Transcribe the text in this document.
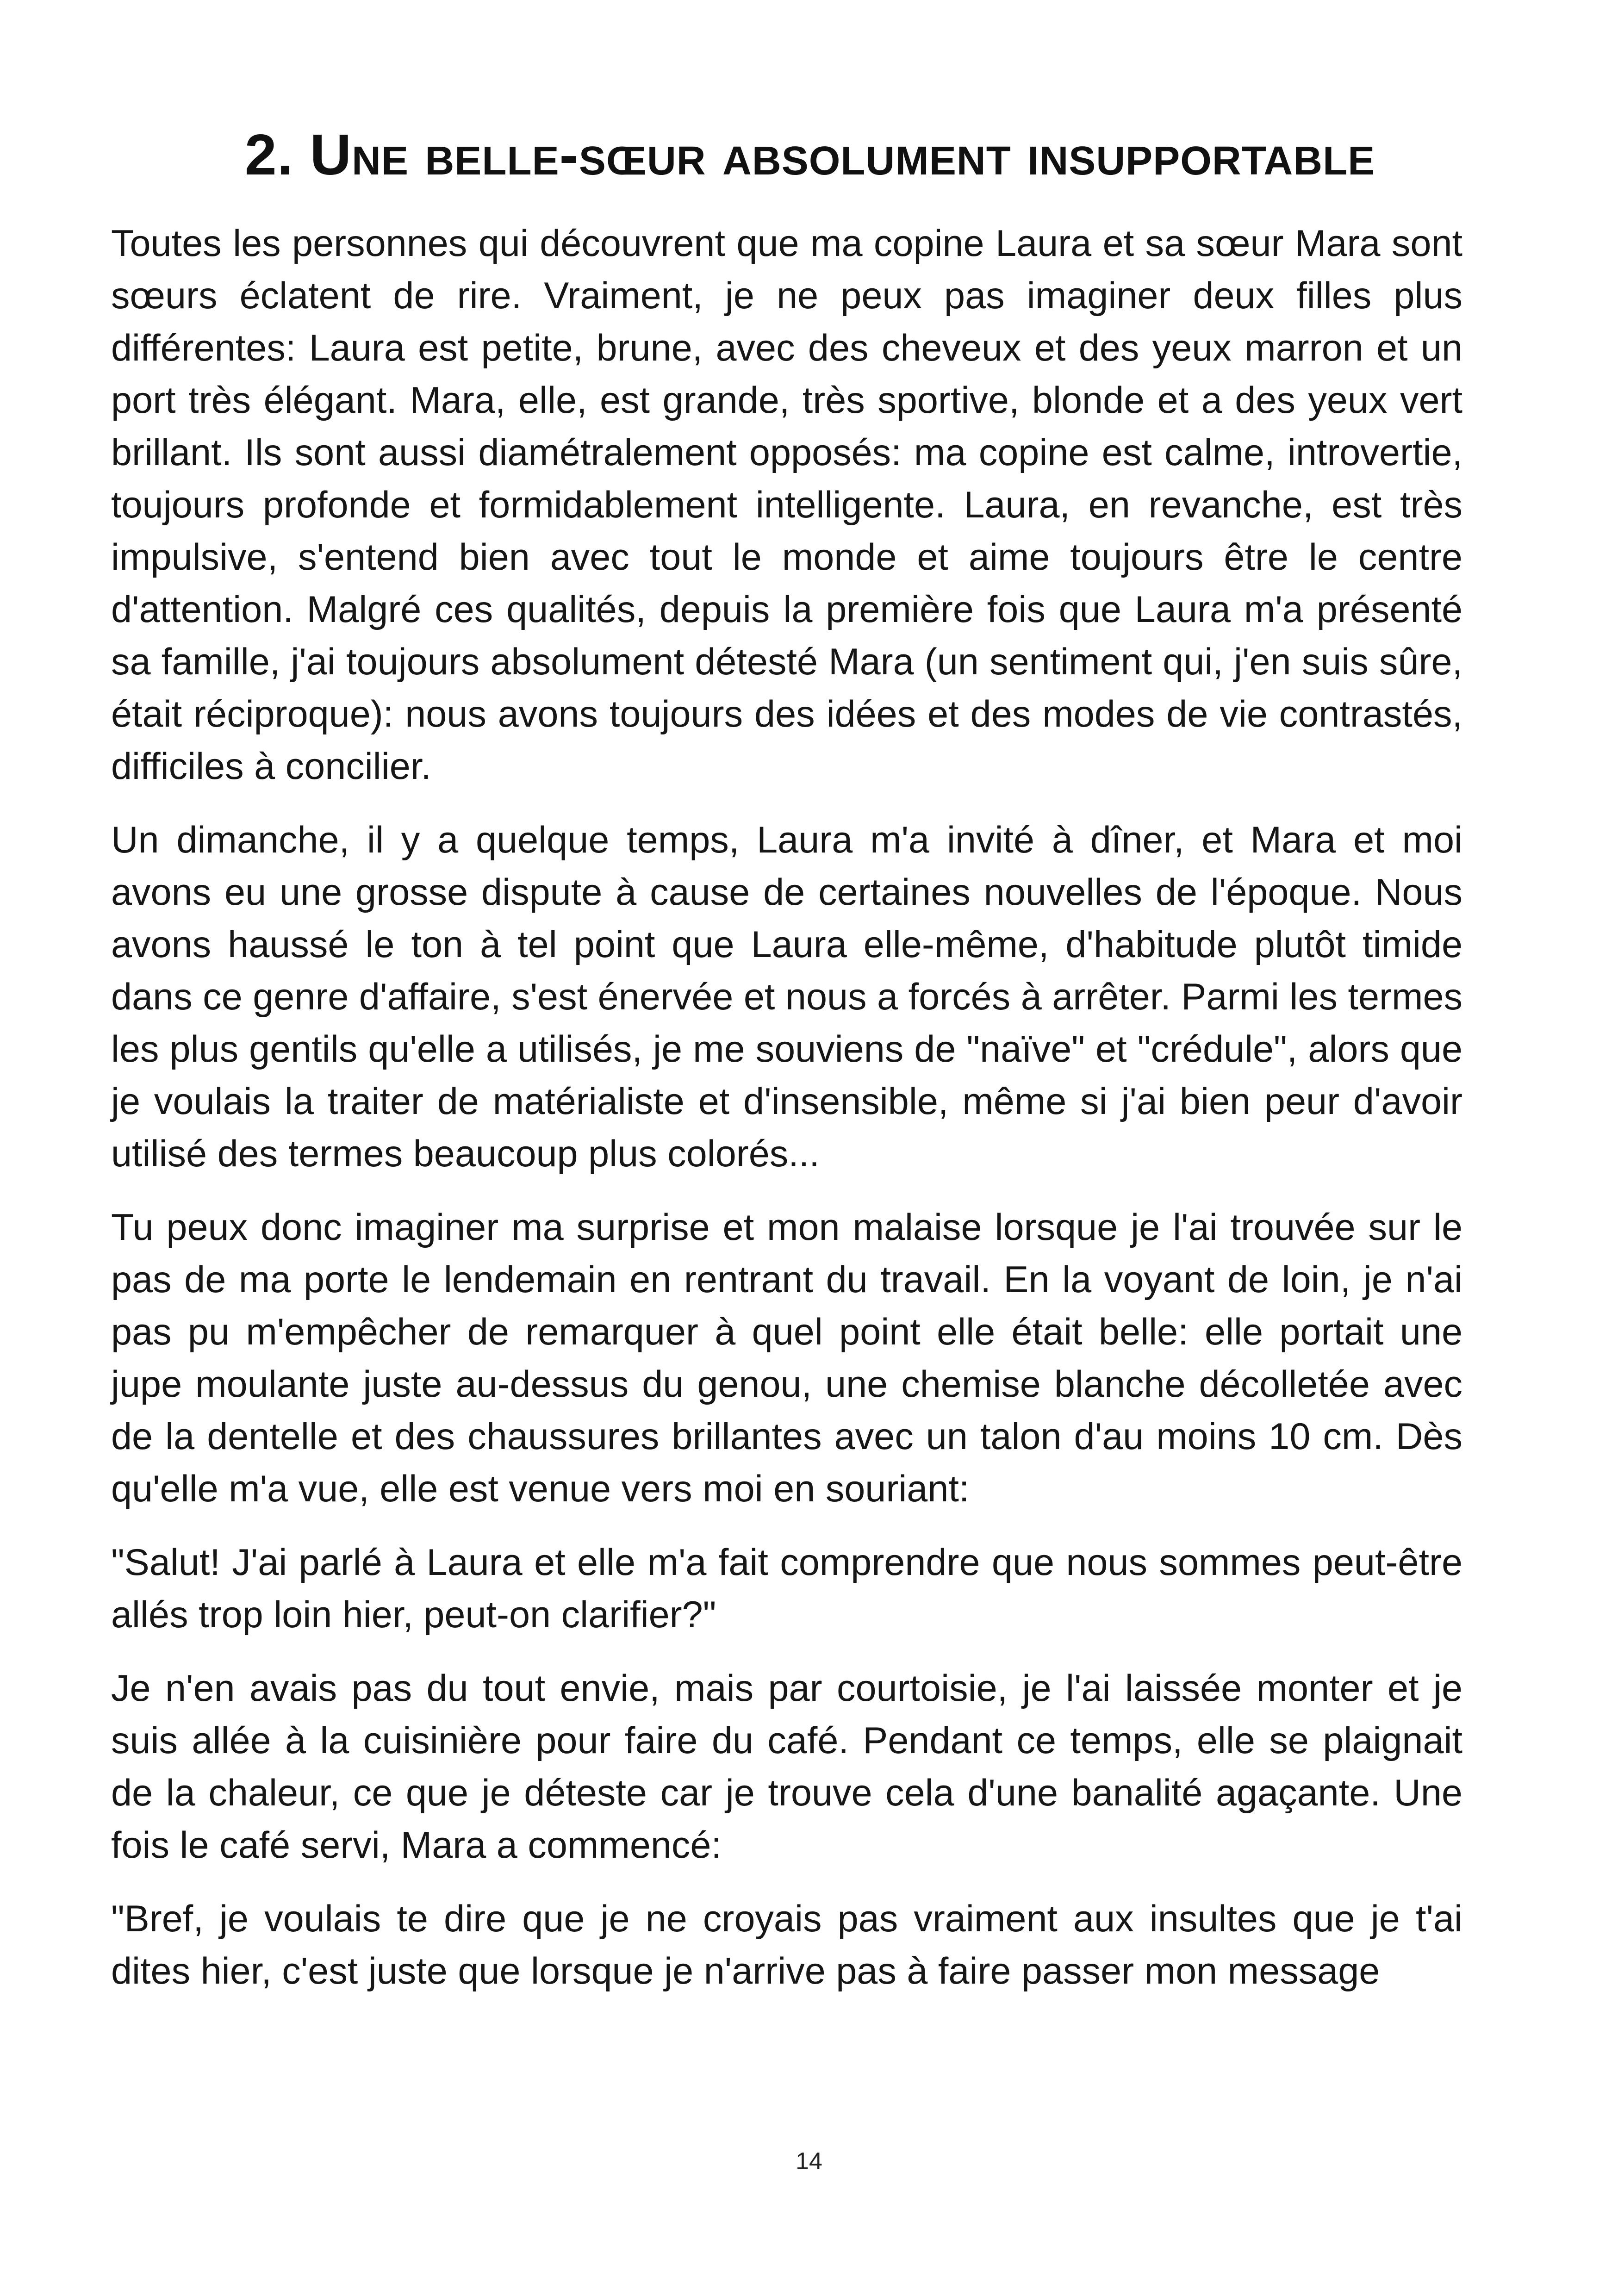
2. Une belle-sœur absolument insupportable

Toutes les personnes qui découvrent que ma copine Laura et sa sœur Mara sont sœurs éclatent de rire. Vraiment, je ne peux pas imaginer deux filles plus différentes: Laura est petite, brune, avec des cheveux et des yeux marron et un port très élégant. Mara, elle, est grande, très sportive, blonde et a des yeux vert brillant. Ils sont aussi diamétralement opposés: ma copine est calme, introvertie, toujours profonde et formidablement intelligente. Laura, en revanche, est très impulsive, s'entend bien avec tout le monde et aime toujours être le centre d'attention. Malgré ces qualités, depuis la première fois que Laura m'a présenté sa famille, j'ai toujours absolument détesté Mara (un sentiment qui, j'en suis sûre, était réciproque): nous avons toujours des idées et des modes de vie contrastés, difficiles à concilier.

Un dimanche, il y a quelque temps, Laura m'a invité à dîner, et Mara et moi avons eu une grosse dispute à cause de certaines nouvelles de l'époque. Nous avons haussé le ton à tel point que Laura elle-même, d'habitude plutôt timide dans ce genre d'affaire, s'est énervée et nous a forcés à arrêter. Parmi les termes les plus gentils qu'elle a utilisés, je me souviens de "naïve" et "crédule", alors que je voulais la traiter de matérialiste et d'insensible, même si j'ai bien peur d'avoir utilisé des termes beaucoup plus colorés...

Tu peux donc imaginer ma surprise et mon malaise lorsque je l'ai trouvée sur le pas de ma porte le lendemain en rentrant du travail. En la voyant de loin, je n'ai pas pu m'empêcher de remarquer à quel point elle était belle: elle portait une jupe moulante juste au-dessus du genou, une chemise blanche décolletée avec de la dentelle et des chaussures brillantes avec un talon d'au moins 10 cm. Dès qu'elle m'a vue, elle est venue vers moi en souriant:

"Salut! J'ai parlé à Laura et elle m'a fait comprendre que nous sommes peut-être allés trop loin hier, peut-on clarifier?"

Je n'en avais pas du tout envie, mais par courtoisie, je l'ai laissée monter et je suis allée à la cuisinière pour faire du café. Pendant ce temps, elle se plaignait de la chaleur, ce que je déteste car je trouve cela d'une banalité agaçante. Une fois le café servi, Mara a commencé:

"Bref, je voulais te dire que je ne croyais pas vraiment aux insultes que je t'ai dites hier, c'est juste que lorsque je n'arrive pas à faire passer mon message

14
